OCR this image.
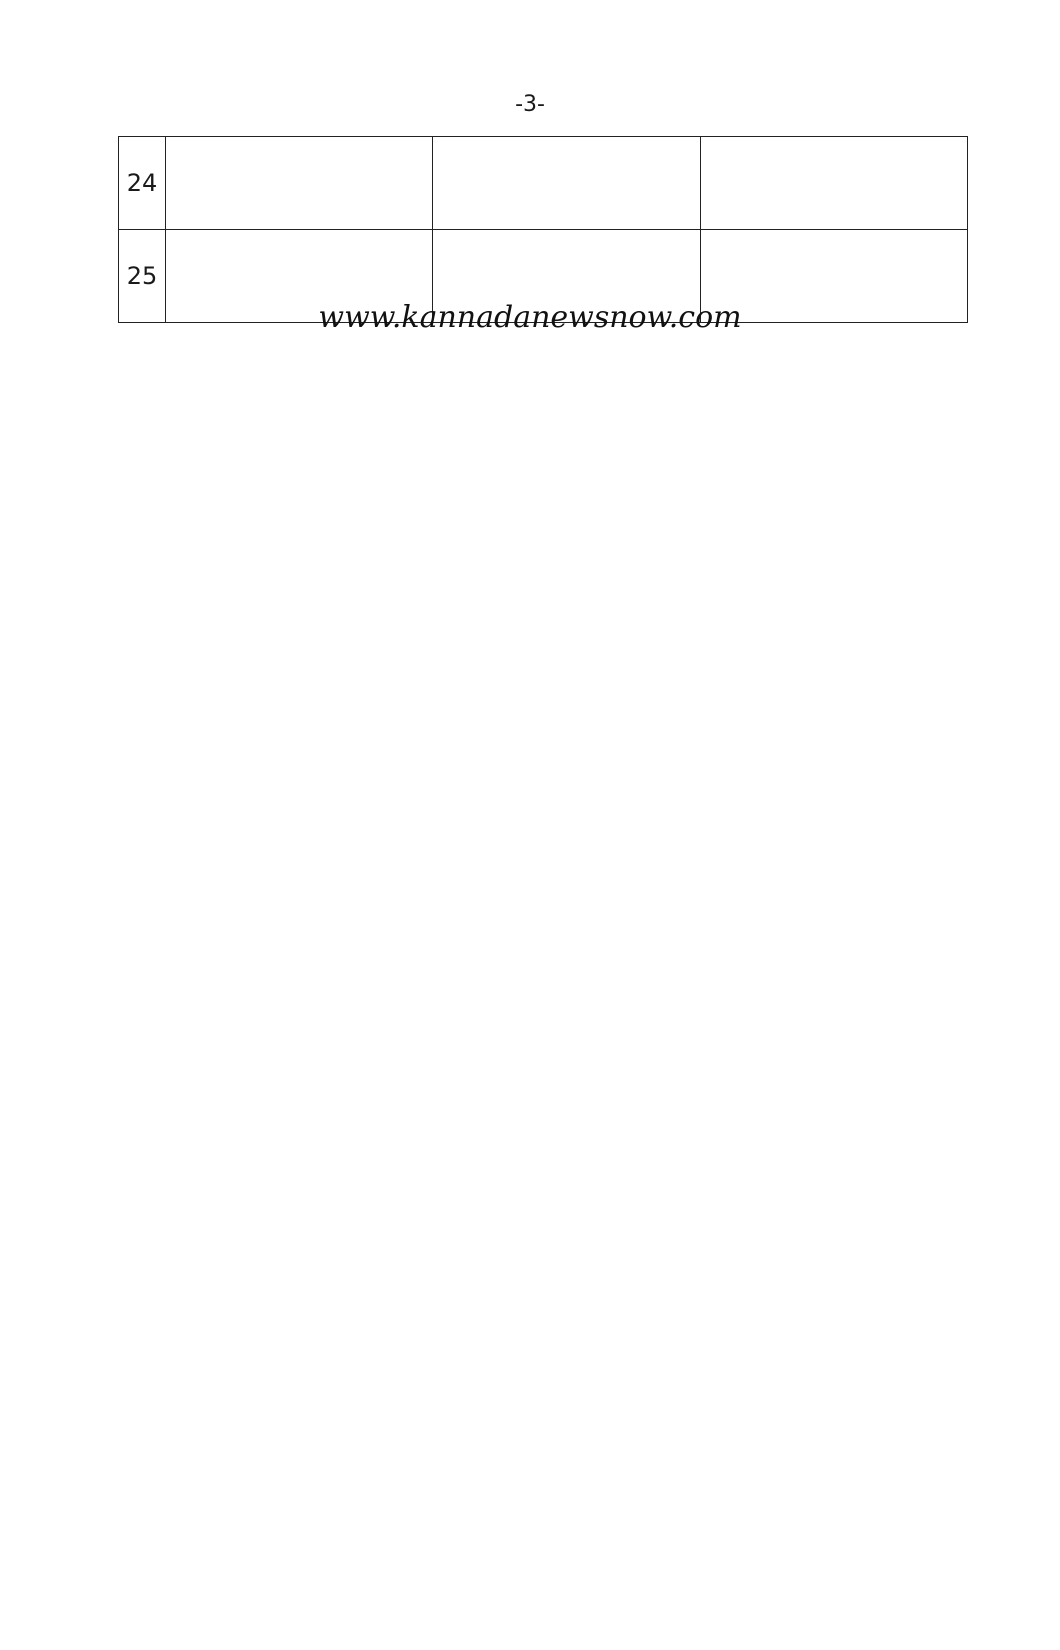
-3-
24			
25			
www.kannadanewsnow.com
